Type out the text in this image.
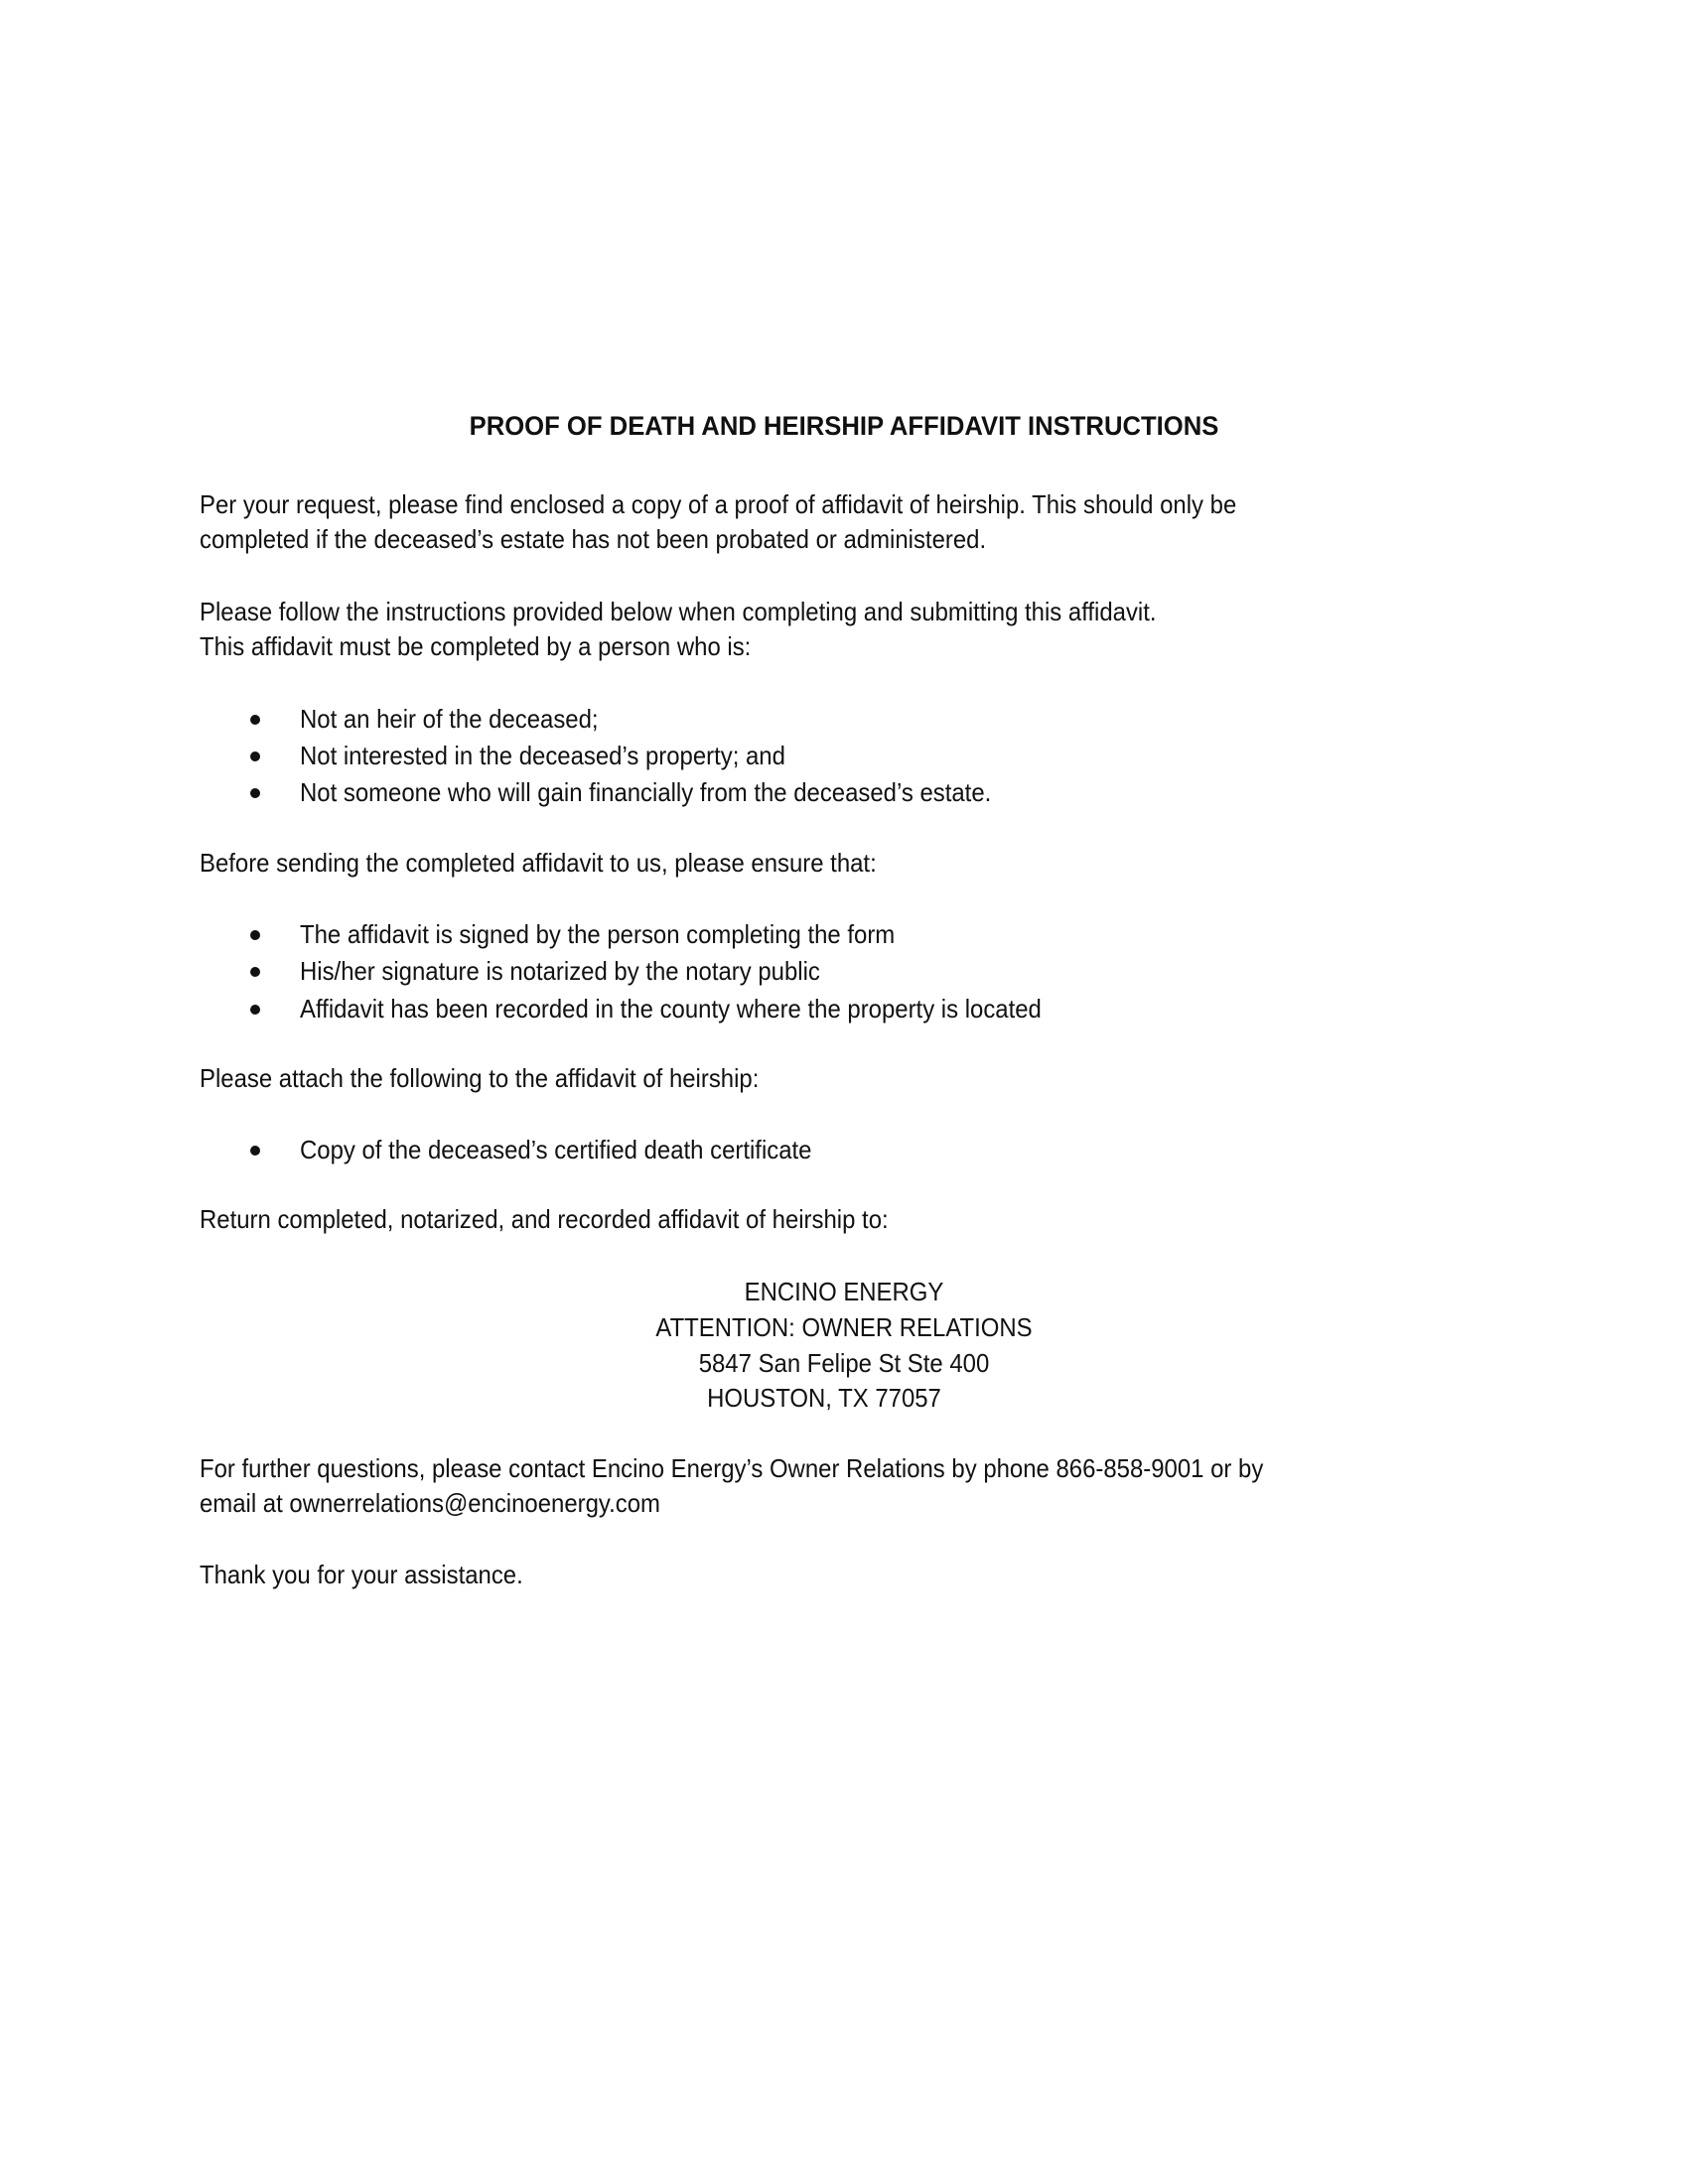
PROOF OF DEATH AND HEIRSHIP AFFIDAVIT INSTRUCTIONS
Per your request, please find enclosed a copy of a proof of affidavit of heirship. This should only be
completed if the deceased’s estate has not been probated or administered.
Please follow the instructions provided below when completing and submitting this affidavit.
This affidavit must be completed by a person who is:
Not an heir of the deceased;
Not interested in the deceased’s property; and
Not someone who will gain financially from the deceased’s estate.
Before sending the completed affidavit to us, please ensure that:
The affidavit is signed by the person completing the form
His/her signature is notarized by the notary public
Affidavit has been recorded in the county where the property is located
Please attach the following to the affidavit of heirship:
Copy of the deceased’s certified death certificate
Return completed, notarized, and recorded affidavit of heirship to:
ENCINO ENERGY
ATTENTION: OWNER RELATIONS
5847 San Felipe St Ste 400
HOUSTON, TX 77057
For further questions, please contact Encino Energy’s Owner Relations by phone 866-858-9001 or by
email at ownerrelations@encinoenergy.com
Thank you for your assistance.
